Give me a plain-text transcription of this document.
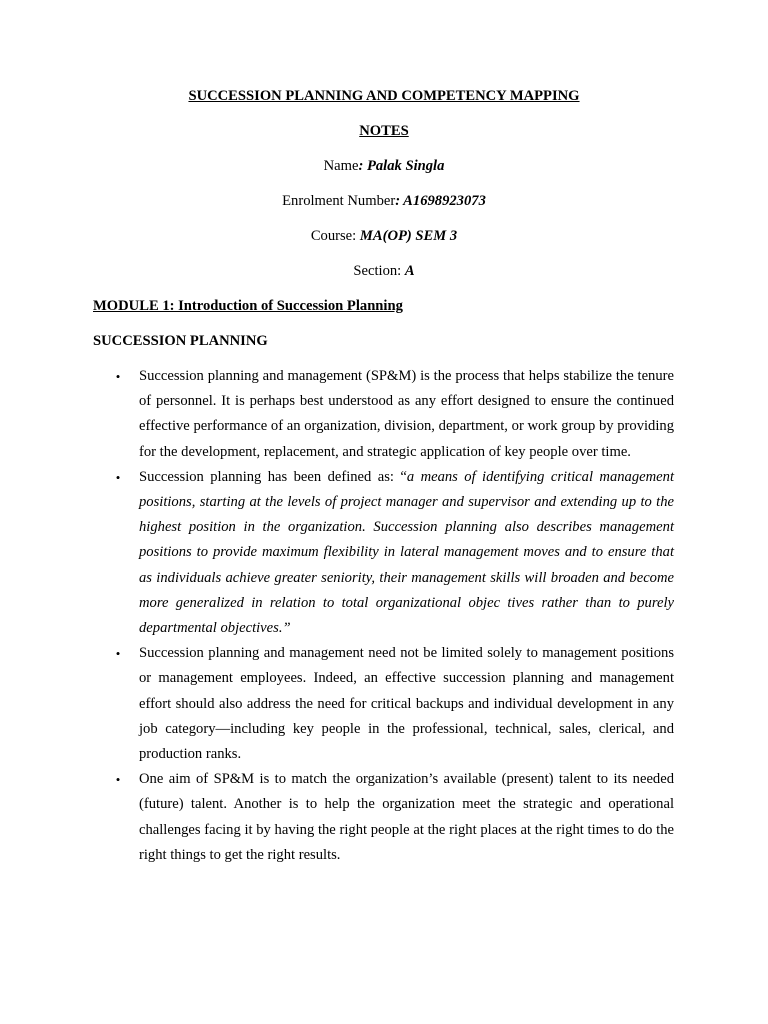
SUCCESSION PLANNING AND COMPETENCY MAPPING
NOTES
Name: Palak Singla
Enrolment Number: A1698923073
Course: MA(OP) SEM 3
Section: A
MODULE 1: Introduction of Succession Planning
SUCCESSION PLANNING
• Succession planning and management (SP&M) is the process that helps stabilize the tenure of personnel. It is perhaps best understood as any effort designed to ensure the continued effective performance of an organization, division, department, or work group by providing for the development, replacement, and strategic application of key people over time.
• Succession planning has been defined as: “a means of identifying critical management positions, starting at the levels of project manager and supervisor and extending up to the highest position in the organization. Succession planning also describes management positions to provide maximum flexibility in lateral management moves and to ensure that as individuals achieve greater seniority, their management skills will broaden and become more generalized in relation to total organizational objec tives rather than to purely departmental objectives.”
• Succession planning and management need not be limited solely to management positions or management employees. Indeed, an effective succession planning and management effort should also address the need for critical backups and individual development in any job category—including key people in the professional, technical, sales, clerical, and production ranks.
• One aim of SP&M is to match the organization’s available (present) talent to its needed (future) talent. Another is to help the organization meet the strategic and operational challenges facing it by having the right people at the right places at the right times to do the right things to get the right results.
